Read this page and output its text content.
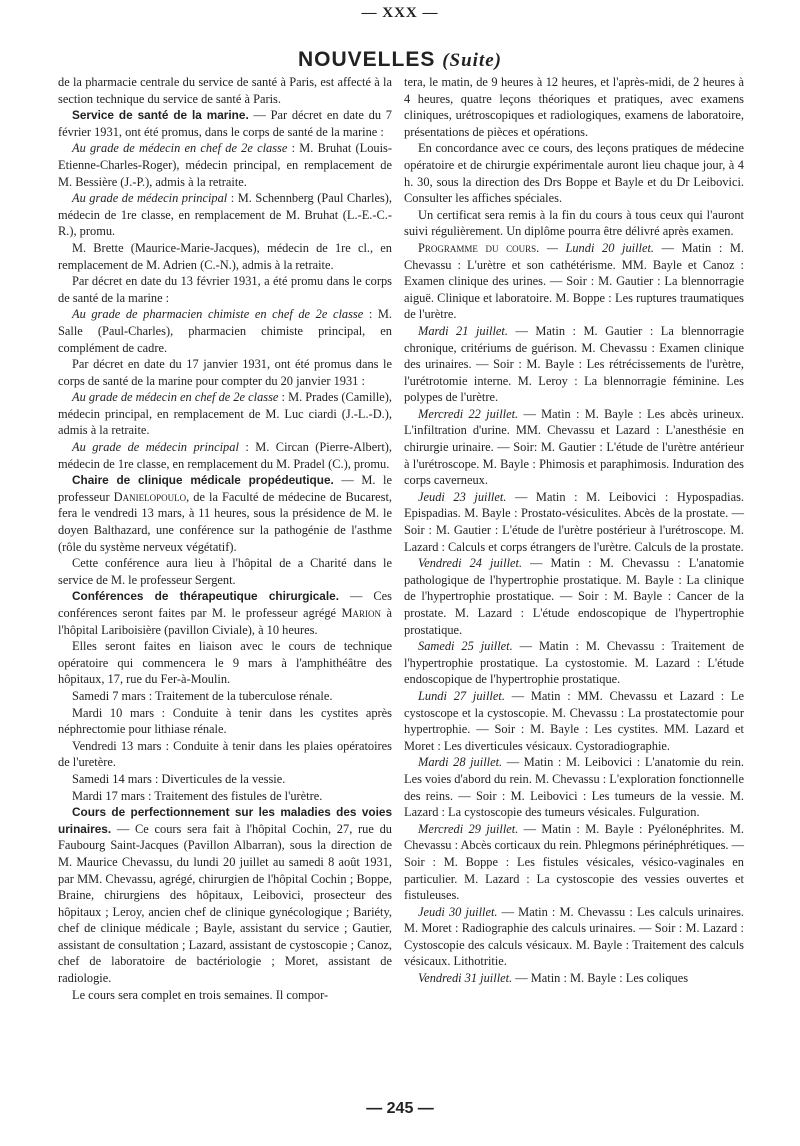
— XXX —
NOUVELLES (Suite)

de la pharmacie centrale du service de santé à Paris, est affecté à la section technique du service de santé à Paris.

Service de santé de la marine. — Par décret en date du 7 février 1931, ont été promus, dans le corps de santé de la marine :

Au grade de médecin en chef de 2e classe : M. Bruhat (Louis-Etienne-Charles-Roger), médecin principal, en remplacement de M. Bessière (J.-P.), admis à la retraite.

Au grade de médecin principal : M. Schennberg (Paul Charles), médecin de 1re classe, en remplacement de M. Bruhat (L.-E.-C.-R.), promu.

M. Brette (Maurice-Marie-Jacques), médecin de 1re cl., en remplacement de M. Adrien (C.-N.), admis à la retraite.

Par décret en date du 13 février 1931, a été promu dans le corps de santé de la marine :

Au grade de pharmacien chimiste en chef de 2e classe : M. Salle (Paul-Charles), pharmacien chimiste principal, en complément de cadre.

Par décret en date du 17 janvier 1931, ont été promus dans le corps de santé de la marine pour compter du 20 janvier 1931 :

Au grade de médecin en chef de 2e classe : M. Prades (Camille), médecin principal, en remplacement de M. Luc ciardi (J.-L.-D.), admis à la retraite.

Au grade de médecin principal : M. Circan (Pierre-Albert), médecin de 1re classe, en remplacement du M. Pradel (C.), promu.

Chaire de clinique médicale propédeutique. — M. le professeur Danielopoulo, de la Faculté de médecine de Bucarest, fera le vendredi 13 mars, à 11 heures, sous la présidence de M. le doyen Balthazard, une conférence sur la pathogénie de l'asthme (rôle du système nerveux végétatif).

Cette conférence aura lieu à l'hôpital de a Charité dans le service de M. le professeur Sergent.

Conférences de thérapeutique chirurgicale. — Ces conférences seront faites par M. le professeur agrégé Marion à l'hôpital Lariboisière (pavillon Civiale), à 10 heures.

Elles seront faites en liaison avec le cours de technique opératoire qui commencera le 9 mars à l'amphithéâtre des hôpitaux, 17, rue du Fer-à-Moulin.

Samedi 7 mars : Traitement de la tuberculose rénale.

Mardi 10 mars : Conduite à tenir dans les cystites après néphrectomie pour lithiase rénale.

Vendredi 13 mars : Conduite à tenir dans les plaies opératoires de l'uretère.

Samedi 14 mars : Diverticules de la vessie.

Mardi 17 mars : Traitement des fistules de l'urètre.

Cours de perfectionnement sur les maladies des voies urinaires. — Ce cours sera fait à l'hôpital Cochin, 27, rue du Faubourg Saint-Jacques (Pavillon Albarran), sous la direction de M. Maurice Chevassu, du lundi 20 juillet au samedi 8 août 1931, par MM. Chevassu, agrégé, chirurgien de l'hôpital Cochin ; Boppe, Braine, chirurgiens des hôpitaux, Leibovici, prosecteur des hôpitaux ; Leroy, ancien chef de clinique gynécologique ; Bariéty, chef de clinique médicale ; Bayle, assistant du service ; Gautier, assistant de consultation ; Lazard, assistant de cystoscopie ; Canoz, chef de laboratoire de bactériologie ; Moret, assistant de radiologie.

Le cours sera complet en trois semaines. Il compor-

tera, le matin, de 9 heures à 12 heures, et l'après-midi, de 2 heures à 4 heures, quatre leçons théoriques et pratiques, avec examens cliniques, urétroscopiques et radiologiques, examens de laboratoire, présentations de pièces et opérations.

En concordance avec ce cours, des leçons pratiques de médecine opératoire et de chirurgie expérimentale auront lieu chaque jour, à 4 h. 30, sous la direction des Drs Boppe et Bayle et du Dr Leibovici. Consulter les affiches spéciales.

Un certificat sera remis à la fin du cours à tous ceux qui l'auront suivi régulièrement. Un diplôme pourra être délivré après examen.

Programme du cours. — Lundi 20 juillet. — Matin : M. Chevassu : L'urètre et son cathétérisme. MM. Bayle et Canoz : Examen clinique des urines. — Soir : M. Gautier : La blennorragie aiguë. Clinique et laboratoire. M. Boppe : Les ruptures traumatiques de l'urètre.

Mardi 21 juillet. — Matin : M. Gautier : La blennorragie chronique, critériums de guérison. M. Chevassu : Examen clinique des urinaires. — Soir : M. Bayle : Les rétrécissements de l'urètre, l'urétrotomie interne. M. Leroy : La blennorragie féminine. Les polypes de l'urètre.

Mercredi 22 juillet. — Matin : M. Bayle : Les abcès urineux. L'infiltration d'urine. MM. Chevassu et Lazard : L'anesthésie en chirurgie urinaire. — Soir: M. Gautier : L'étude de l'urètre antérieur à l'urétroscope. M. Bayle : Phimosis et paraphimosis. Induration des corps caverneux.

Jeudi 23 juillet. — Matin : M. Leibovici : Hypospadias. Epispadias. M. Bayle : Prostato-vésiculites. Abcès de la prostate. — Soir : M. Gautier : L'étude de l'urètre postérieur à l'urétroscope. M. Lazard : Calculs et corps étrangers de l'urètre. Calculs de la prostate.

Vendredi 24 juillet. — Matin : M. Chevassu : L'anatomie pathologique de l'hypertrophie prostatique. M. Bayle : La clinique de l'hypertrophie prostatique. — Soir : M. Bayle : Cancer de la prostate. M. Lazard : L'étude endoscopique de l'hypertrophie prostatique.

Samedi 25 juillet. — Matin : M. Chevassu : Traitement de l'hypertrophie prostatique. La cystostomie. M. Lazard : L'étude endoscopique de l'hypertrophie prostatique.

Lundi 27 juillet. — Matin : MM. Chevassu et Lazard : Le cystoscope et la cystoscopie. M. Chevassu : La prostatectomie pour hypertrophie. — Soir : M. Bayle : Les cystites. MM. Lazard et Moret : Les diverticules vésicaux. Cystoradiographie.

Mardi 28 juillet. — Matin : M. Leibovici : L'anatomie du rein. Les voies d'abord du rein. M. Chevassu : L'exploration fonctionnelle des reins. — Soir : M. Leibovici : Les tumeurs de la vessie. M. Lazard : La cystoscopie des tumeurs vésicales. Fulguration.

Mercredi 29 juillet. — Matin : M. Bayle : Pyélonéphrites. M. Chevassu : Abcès corticaux du rein. Phlegmons périnéphrétiques. — Soir : M. Boppe : Les fistules vésicales, vésico-vaginales en particulier. M. Lazard : La cystoscopie des vessies ouvertes et fistuleuses.

Jeudi 30 juillet. — Matin : M. Chevassu : Les calculs urinaires. M. Moret : Radiographie des calculs urinaires. — Soir : M. Lazard : Cystoscopie des calculs vésicaux. M. Bayle : Traitement des calculs vésicaux. Lithotritie.

Vendredi 31 juillet. — Matin : M. Bayle : Les coliques

— 245 —
